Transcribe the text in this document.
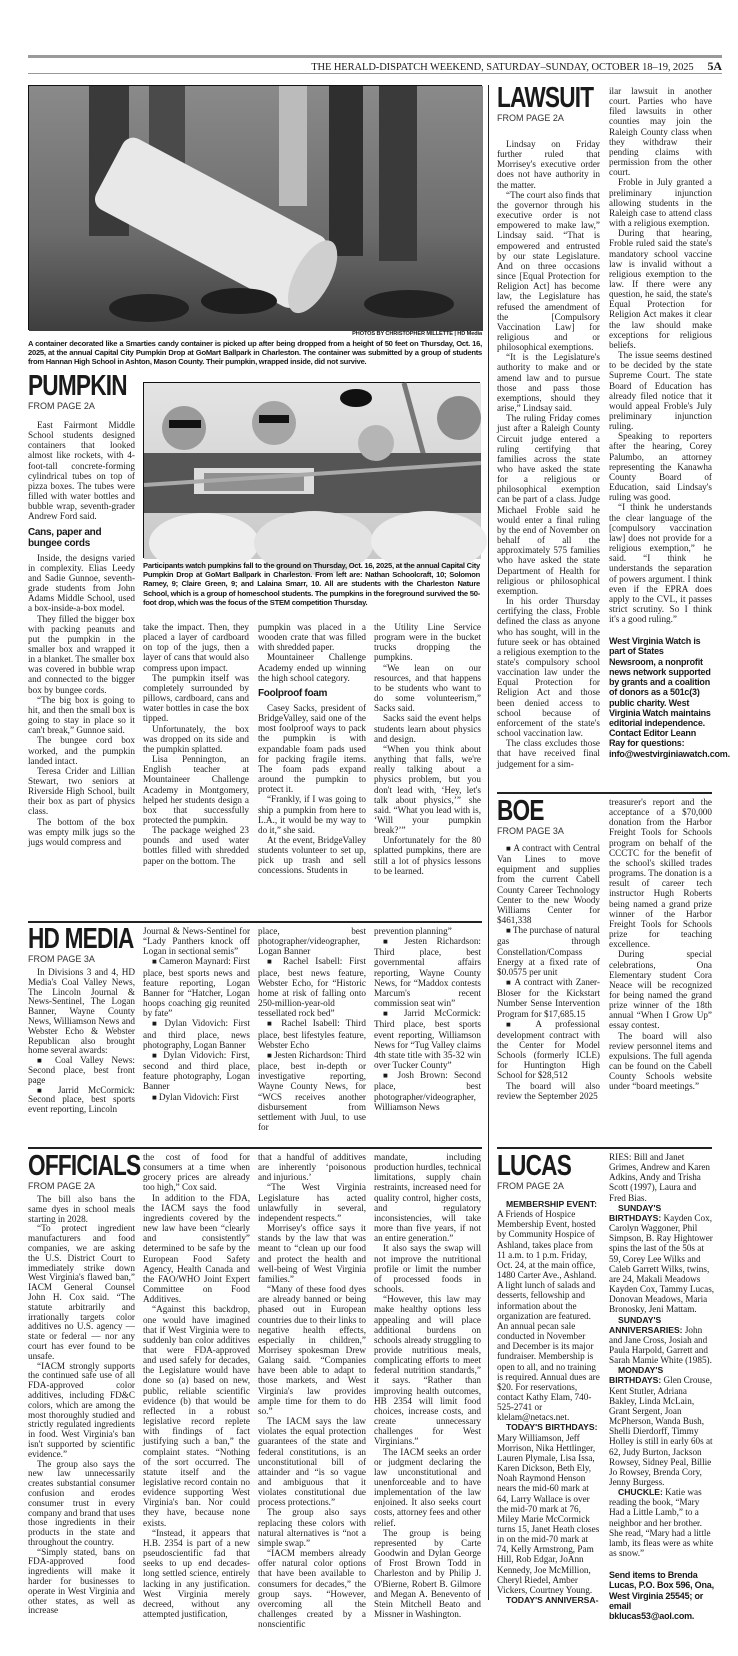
THE HERALD-DISPATCH WEEKEND, SATURDAY–SUNDAY, OCTOBER 18–19, 2025 5A
PHOTOS BY CHRISTOPHER MILLETTE | HD Media
A container decorated like a Smarties candy container is picked up after being dropped from a height of 50 feet on Thursday, Oct. 16, 2025, at the annual Capital City Pumpkin Drop at GoMart Ballpark in Charleston. The container was submitted by a group of students from Hannan High School in Ashton, Mason County. Their pumpkin, wrapped inside, did not survive.
PUMPKIN
FROM PAGE 2A

East Fairmont Middle School students designed containers that looked almost like rockets, with 4-foot-tall concrete-forming cylindrical tubes on top of pizza boxes. The tubes were filled with water bottles and bubble wrap, seventh-grader Andrew Ford said.

Cans, paper and bungee cords

Inside, the designs varied in complexity. Elias Leedy and Sadie Gunnoe, seventh-grade students from John Adams Middle School, used a box-inside-a-box model.

They filled the bigger box with packing peanuts and put the pumpkin in the smaller box and wrapped it in a blanket. The smaller box was covered in bubble wrap and connected to the bigger box by bungee cords.

“The big box is going to hit, and then the small box is going to stay in place so it can't break,” Gunnoe said.

The bungee cord box worked, and the pumpkin landed intact.

Teresa Crider and Lillian Stewart, two seniors at Riverside High School, built their box as part of physics class.

The bottom of the box was empty milk jugs so the jugs would compress and

Participants watch pumpkins fall to the ground on Thursday, Oct. 16, 2025, at the annual Capital City Pumpkin Drop at GoMart Ballpark in Charleston. From left are: Nathan Schoolcraft, 10; Solomon Ramey, 9; Claire Green, 9; and Lalaina Smarr, 10. All are students with the Charleston Nature School, which is a group of homeschool students. The pumpkins in the foreground survived the 50-foot drop, which was the focus of the STEM competition Thursday.

take the impact. Then, they placed a layer of cardboard on top of the jugs, then a layer of cans that would also compress upon impact.

The pumpkin itself was completely surrounded by pillows, cardboard, cans and water bottles in case the box tipped.

Unfortunately, the box was dropped on its side and the pumpkin splatted.

Lisa Pennington, an English teacher at Mountaineer Challenge Academy in Montgomery, helped her students design a box that successfully protected the pumpkin.

The package weighed 23 pounds and used water bottles filled with shredded paper on the bottom. The

pumpkin was placed in a wooden crate that was filled with shredded paper.

Mountaineer Challenge Academy ended up winning the high school category.

Foolproof foam

Casey Sacks, president of BridgeValley, said one of the most foolproof ways to pack the pumpkin is with expandable foam pads used for packing fragile items. The foam pads expand around the pumpkin to protect it.

“Frankly, if I was going to ship a pumpkin from here to L.A., it would be my way to do it,” she said.

At the event, BridgeValley students volunteer to set up, pick up trash and sell concessions. Students in

the Utility Line Service program were in the bucket trucks dropping the pumpkins.

“We lean on our resources, and that happens to be students who want to do some volunteerism,” Sacks said.

Sacks said the event helps students learn about physics and design.

“When you think about anything that falls, we're really talking about a physics problem, but you don't lead with, ‘Hey, let's talk about physics,’” she said. “What you lead with is, ‘Will your pumpkin break?’”

Unfortunately for the 80 splatted pumpkins, there are still a lot of physics lessons to be learned.

HD MEDIA
FROM PAGE 3A

In Divisions 3 and 4, HD Media's Coal Valley News, The Lincoln Journal & News-Sentinel, The Logan Banner, Wayne County News, Williamson News and Webster Echo & Webster Republican also brought home several awards:

■ Coal Valley News: Second place, best front page

■ Jarrid McCormick: Second place, best sports event reporting, Lincoln

Journal & News-Sentinel for “Lady Panthers knock off Logan in sectional semis”

■ Cameron Maynard: First place, best sports news and feature reporting, Logan Banner for “Hatcher, Logan hoops coaching gig reunited by fate”

■ Dylan Vidovich: First and third place, news photography, Logan Banner

■ Dylan Vidovich: First, second and third place, feature photography, Logan Banner

■ Dylan Vidovich: First

place, best photographer/videographer, Logan Banner

■ Rachel Isabell: First place, best news feature, Webster Echo, for “Historic home at risk of falling onto 250-million-year-old tessellated rock bed”

■ Rachel Isabell: Third place, best lifestyles feature, Webster Echo

■ Jesten Richardson: Third place, best in-depth or investigative reporting, Wayne County News, for “WCS receives another disbursement from settlement with Juul, to use for

prevention planning”

■ Jesten Richardson: Third place, best governmental affairs reporting, Wayne County News, for “Maddox contests Marcum's recent commission seat win”

■ Jarrid McCormick: Third place, best sports event reporting, Williamson News for “Tug Valley claims 4th state title with 35-32 win over Tucker County”

■ Josh Brown: Second place, best photographer/videographer, Williamson News

OFFICIALS
FROM PAGE 2A

The bill also bans the same dyes in school meals starting in 2028.

“To protect ingredient manufacturers and food companies, we are asking the U.S. District Court to immediately strike down West Virginia's flawed ban,” IACM General Counsel John H. Cox said. “The statute arbitrarily and irrationally targets color additives no U.S. agency — state or federal — nor any court has ever found to be unsafe.

“IACM strongly supports the continued safe use of all FDA-approved color additives, including FD&C colors, which are among the most thoroughly studied and strictly regulated ingredients in food. West Virginia's ban isn't supported by scientific evidence.”

The group also says the new law unnecessarily creates substantial consumer confusion and erodes consumer trust in every company and brand that uses those ingredients in their products in the state and throughout the country.

“Simply stated, bans on FDA-approved food ingredients will make it harder for businesses to operate in West Virginia and other states, as well as increase

the cost of food for consumers at a time when grocery prices are already too high,” Cox said.

In addition to the FDA, the IACM says the food ingredients covered by the new law have been “clearly and consistently” determined to be safe by the European Food Safety Agency, Health Canada and the FAO/WHO Joint Expert Committee on Food Additives.

“Against this backdrop, one would have imagined that if West Virginia were to suddenly ban color additives that were FDA-approved and used safely for decades, the Legislature would have done so (a) based on new, public, reliable scientific evidence (b) that would be reflected in a robust legislative record replete with findings of fact justifying such a ban,” the complaint states. “Nothing of the sort occurred. The statute itself and the legislative record contain no evidence supporting West Virginia's ban. Nor could they have, because none exists.

“Instead, it appears that H.B. 2354 is part of a new pseudoscientific fad that seeks to up end decades-long settled science, entirely lacking in any justification. West Virginia merely decreed, without any attempted justification,

that a handful of additives are inherently ‘poisonous and injurious.’

“The West Virginia Legislature has acted unlawfully in several, independent respects.”

Morrisey's office says it stands by the law that was meant to “clean up our food and protect the health and well-being of West Virginia families.”

“Many of these food dyes are already banned or being phased out in European countries due to their links to negative health effects, especially in children,” Morrisey spokesman Drew Galang said. “Companies have been able to adapt to those markets, and West Virginia's law provides ample time for them to do so.”

The IACM says the law violates the equal protection guarantees of the state and federal constitutions, is an unconstitutional bill of attainder and “is so vague and ambiguous that it violates constitutional due process protections.”

The group also says replacing these colors with natural alternatives is “not a simple swap.”

“IACM members already offer natural color options that have been available to consumers for decades,” the group says. “However, overcoming all the challenges created by a nonscientific

mandate, including production hurdles, technical limitations, supply chain restraints, increased need for quality control, higher costs, and regulatory inconsistencies, will take more than five years, if not an entire generation.”

It also says the swap will not improve the nutritional profile or limit the number of processed foods in schools.

“However, this law may make healthy options less appealing and will place additional burdens on schools already struggling to provide nutritious meals, complicating efforts to meet federal nutrition standards,” it says. “Rather than improving health outcomes, HB 2354 will limit food choices, increase costs, and create unnecessary challenges for West Virginians.”

The IACM seeks an order or judgment declaring the law unconstitutional and unenforceable and to have implementation of the law enjoined. It also seeks court costs, attorney fees and other relief.

The group is being represented by Carte Goodwin and Dylan George of Frost Brown Todd in Charleston and by Philip J. O'Bierne, Robert B. Gilmore and Megan A. Benevento of Stein Mitchell Beato and Missner in Washington.

LAWSUIT
FROM PAGE 2A

Lindsay on Friday further ruled that Morrisey's executive order does not have authority in the matter.

“The court also finds that the governor through his executive order is not empowered to make law,” Lindsay said. “That is empowered and entrusted by our state Legislature. And on three occasions since [Equal Protection for Religion Act] has become law, the Legislature has refused the amendment of the [Compulsory Vaccination Law] for religious and or philosophical exemptions.

“It is the Legislature's authority to make and or amend law and to pursue those and pass those exemptions, should they arise,” Lindsay said.

The ruling Friday comes just after a Raleigh County Circuit judge entered a ruling certifying that families across the state who have asked the state for a religious or philosophical exemption can be part of a class. Judge Michael Froble said he would enter a final ruling by the end of November on behalf of all the approximately 575 families who have asked the state Department of Health for religious or philosophical exemption.

In his order Thursday certifying the class, Froble defined the class as anyone who has sought, will in the future seek or has obtained a religious exemption to the state's compulsory school vaccination law under the Equal Protection for Religion Act and those been denied access to school because of enforcement of the state's school vaccination law.

The class excludes those that have received final judgement for a sim-

ilar lawsuit in another court. Parties who have filed lawsuits in other counties may join the Raleigh County class when they withdraw their pending claims with permission from the other court.

Froble in July granted a preliminary injunction allowing students in the Raleigh case to attend class with a religious exemption.

During that hearing, Froble ruled said the state's mandatory school vaccine law is invalid without a religious exemption to the law. If there were any question, he said, the state's Equal Protection for Religion Act makes it clear the law should make exceptions for religious beliefs.

The issue seems destined to be decided by the state Supreme Court. The state Board of Education has already filed notice that it would appeal Froble's July preliminary injunction ruling.

Speaking to reporters after the hearing, Corey Palumbo, an attorney representing the Kanawha County Board of Education, said Lindsay's ruling was good.

“I think he understands the clear language of the [compulsory vaccination law] does not provide for a religious exemption,” he said. “I think he understands the separation of powers argument. I think even if the EPRA does apply to the CVL, it passes strict scrutiny. So I think it's a good ruling.”

West Virginia Watch is part of States Newsroom, a nonprofit news network supported by grants and a coalition of donors as a 501c(3) public charity. West Virginia Watch maintains editorial independence. Contact Editor Leann Ray for questions: info@westvirginiawatch.com.

BOE
FROM PAGE 3A

■ A contract with Central Van Lines to move equipment and supplies from the current Cabell County Career Technology Center to the new Woody Williams Center for $461,338

■ The purchase of natural gas through Constellation/Compass Energy at a fixed rate of $0.0575 per unit

■ A contract with Zaner-Bloser for the Kickstart Number Sense Intervention Program for $17,685.15

■ A professional development contract with the Center for Model Schools (formerly ICLE) for Huntington High School for $28,512

The board will also review the September 2025

treasurer's report and the acceptance of a $70,000 donation from the Harbor Freight Tools for Schools program on behalf of the CCCTC for the benefit of the school's skilled trades programs. The donation is a result of career tech instructor Hugh Roberts being named a grand prize winner of the Harbor Freight Tools for Schools prize for teaching excellence.

During special celebrations, Ona Elementary student Cora Neace will be recognized for being named the grand prize winner of the 18th annual “When I Grow Up” essay contest.

The board will also review personnel items and expulsions. The full agenda can be found on the Cabell County Schools website under “board meetings.”

LUCAS
FROM PAGE 2A

MEMBERSHIP EVENT: A Friends of Hospice Membership Event, hosted by Community Hospice of Ashland, takes place from 11 a.m. to 1 p.m. Friday, Oct. 24, at the main office, 1480 Carter Ave., Ashland. A light lunch of salads and desserts, fellowship and information about the organization are featured. An annual pecan sale conducted in November and December is its major fundraiser. Membership is open to all, and no training is required. Annual dues are $20. For reservations, contact Kathy Elam, 740-525-2741 or klelam@netacs.net.

TODAY'S BIRTHDAYS: Mary Williamson, Jeff Morrison, Nika Hettlinger, Lauren Plymale, Lisa Issa, Karen Dickson, Beth Ely, Noah Raymond Henson nears the mid-60 mark at 64, Larry Wallace is over the mid-70 mark at 76, Miley Marie McCormick turns 15, Janet Heath closes in on the mid-70 mark at 74, Kelly Armstrong, Pam Hill, Rob Edgar, JoAnn Kennedy, Joe McMillion, Cheryl Riedel, Amber Vickers, Courtney Young.

TODAY'S ANNIVERSA-

RIES: Bill and Janet Grimes, Andrew and Karen Adkins, Andy and Trisha Scott (1997), Laura and Fred Bias.

SUNDAY'S BIRTHDAYS: Kayden Cox, Carolyn Waggoner, Phil Simpson, B. Ray Hightower spins the last of the 50s at 59, Corey Lee Wilks and Caleb Garrett Wilks, twins, are 24, Makali Meadows Kayden Cox, Tammy Lucas, Donovan Meadows, Maria Bronosky, Jeni Mattam.

SUNDAY'S ANNIVERSARIES: John and Jane Cross, Josiah and Paula Harpold, Garrett and Sarah Mamie White (1985).

MONDAY'S BIRTHDAYS: Glen Crouse, Kent Stutler, Adriana Bakley, Linda McLain, Grant Sergent, Joan McPherson, Wanda Bush, Shelli Dierdorff, Timmy Holley is still in early 60s at 62, Judy Burton, Jackson Rowsey, Sidney Peal, Billie Jo Rowsey, Brenda Cory, Jenny Burgess.

CHUCKLE: Katie was reading the book, “Mary Had a Little Lamb,” to a neighbor and her brother. She read, “Mary had a little lamb, its fleas were as white as snow.”

Send items to Brenda Lucas, P.O. Box 596, Ona, West Virginia 25545; or email bklucas53@aol.com.
